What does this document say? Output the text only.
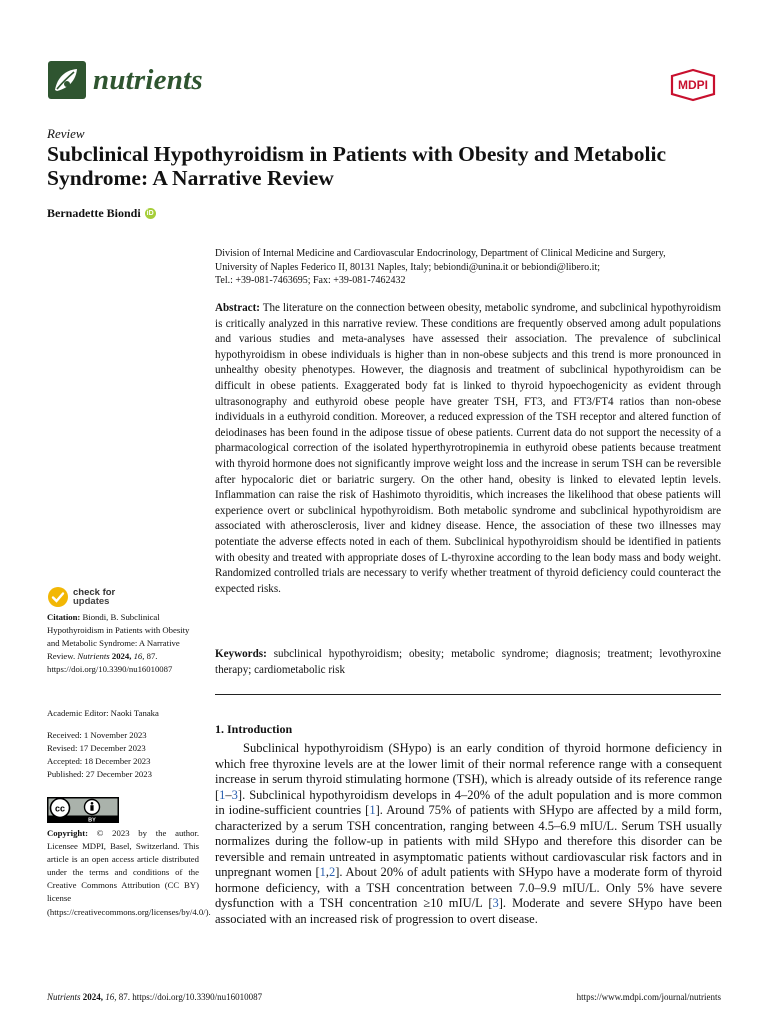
nutrients	MDPI
Review
Subclinical Hypothyroidism in Patients with Obesity and Metabolic Syndrome: A Narrative Review
Bernadette Biondi iD
Division of Internal Medicine and Cardiovascular Endocrinology, Department of Clinical Medicine and Surgery,
University of Naples Federico II, 80131 Naples, Italy; bebiondi@unina.it or bebiondi@libero.it;
Tel.: +39-081-7463695; Fax: +39-081-7462432
Abstract: The literature on the connection between obesity, metabolic syndrome, and subclinical hypothyroidism is critically analyzed in this narrative review. These conditions are frequently observed among adult populations and various studies and meta-analyses have assessed their association. The prevalence of subclinical hypothyroidism in obese individuals is higher than in non-obese subjects and this trend is more pronounced in unhealthy obesity phenotypes. However, the diagnosis and treatment of subclinical hypothyroidism can be difficult in obese patients. Exaggerated body fat is linked to thyroid hypoechogenicity as evident through ultrasonography and euthyroid obese people have greater TSH, FT3, and FT3/FT4 ratios than non-obese individuals in a euthyroid condition. Moreover, a reduced expression of the TSH receptor and altered function of deiodinases has been found in the adipose tissue of obese patients. Current data do not support the necessity of a pharmacological correction of the isolated hyperthyrotropinemia in euthyroid obese patients because treatment with thyroid hormone does not significantly improve weight loss and the increase in serum TSH can be reversible after hypocaloric diet or bariatric surgery. On the other hand, obesity is linked to elevated leptin levels. Inflammation can raise the risk of Hashimoto thyroiditis, which increases the likelihood that obese patients will experience overt or subclinical hypothyroidism. Both metabolic syndrome and subclinical hypothyroidism are associated with atherosclerosis, liver and kidney disease. Hence, the association of these two illnesses may potentiate the adverse effects noted in each of them. Subclinical hypothyroidism should be identified in patients with obesity and treated with appropriate doses of L-thyroxine according to the lean body mass and body weight. Randomized controlled trials are necessary to verify whether treatment of thyroid deficiency could counteract the expected risks.
Keywords: subclinical hypothyroidism; obesity; metabolic syndrome; diagnosis; treatment; levothyroxine therapy; cardiometabolic risk
1. Introduction

Subclinical hypothyroidism (SHypo) is an early condition of thyroid hormone deficiency in which free thyroxine levels are at the lower limit of their normal reference range with a consequent increase in serum thyroid stimulating hormone (TSH), which is already outside of its reference range [1–3]. Subclinical hypothyroidism develops in 4–20% of the adult population and is more common in iodine-sufficient countries [1]. Around 75% of patients with SHypo are affected by a mild form, characterized by a serum TSH concentration, ranging between 4.5–6.9 mIU/L. Serum TSH usually normalizes during the follow-up in patients with mild SHypo and therefore this disorder can be reversible and remain untreated in asymptomatic patients without cardiovascular risk factors and in unpregnant women [1,2]. About 20% of adult patients with SHypo have a moderate form of thyroid hormone deficiency, with a TSH concentration between 7.0–9.9 mIU/L. Only 5% have severe dysfunction with a TSH concentration ≥10 mIU/L [3]. Moderate and severe SHypo have been associated with an increased risk of progression to overt disease.

check for
updates
Citation: Biondi, B. Subclinical Hypothyroidism in Patients with Obesity and Metabolic Syndrome: A Narrative Review. Nutrients 2024, 16, 87. https://doi.org/10.3390/nu16010087
Academic Editor: Naoki Tanaka
Received: 1 November 2023
Revised: 17 December 2023
Accepted: 18 December 2023
Published: 27 December 2023
cc
BY
Copyright: © 2023 by the author. Licensee MDPI, Basel, Switzerland. This article is an open access article distributed under the terms and conditions of the Creative Commons Attribution (CC BY) license (https://creativecommons.org/licenses/by/4.0/).
Nutrients 2024, 16, 87. https://doi.org/10.3390/nu16010087	https://www.mdpi.com/journal/nutrients
